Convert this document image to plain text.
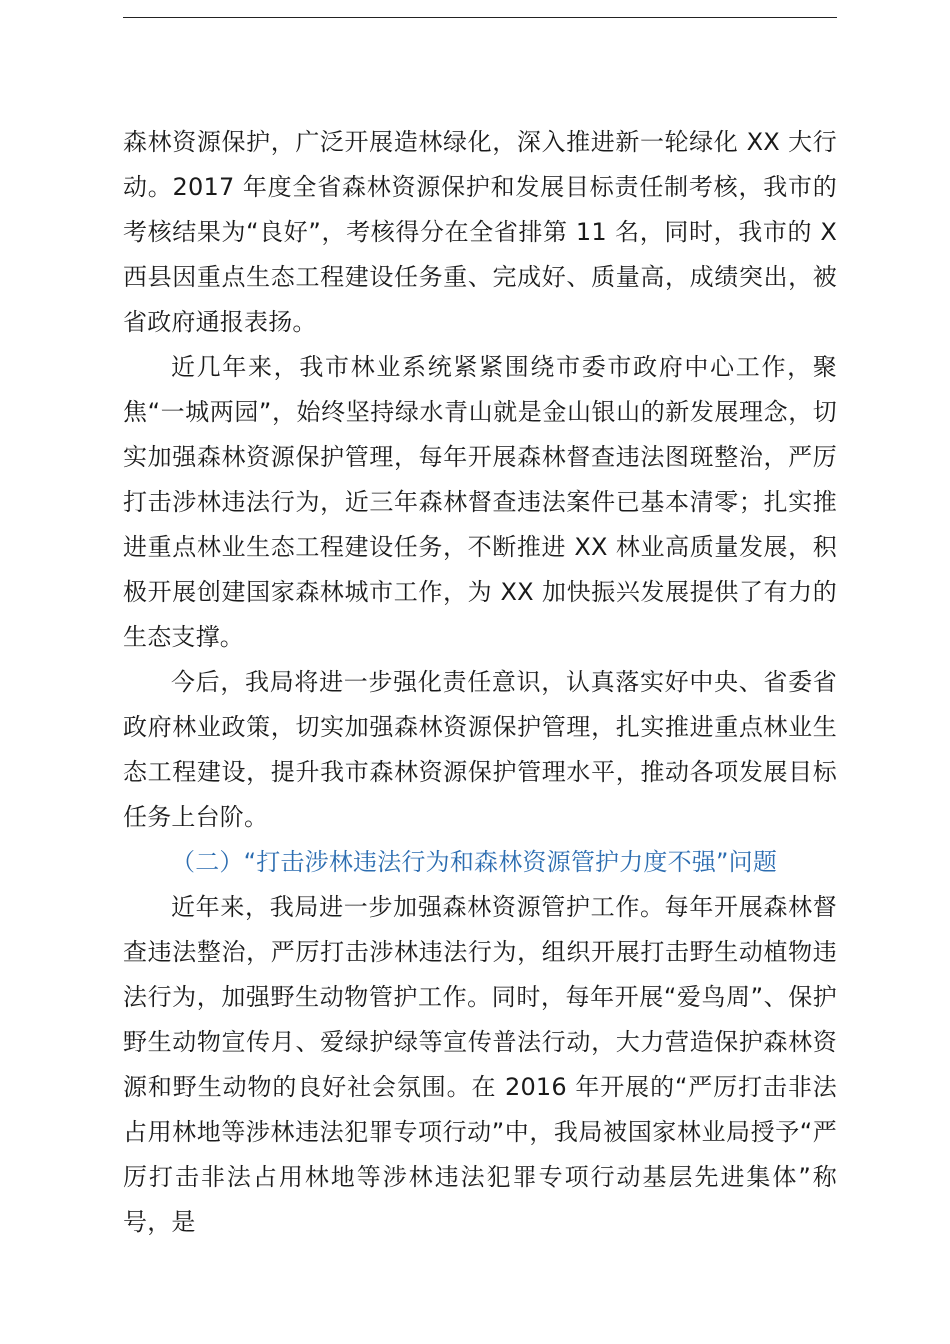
森林资源保护，广泛开展造林绿化，深入推进新一轮绿化 XX 大行动。2017 年度全省森林资源保护和发展目标责任制考核，我市的考核结果为“良好”，考核得分在全省排第 11 名，同时，我市的 X 西县因重点生态工程建设任务重、完成好、质量高，成绩突出，被省政府通报表扬。

近几年来，我市林业系统紧紧围绕市委市政府中心工作，聚焦“一城两园”，始终坚持绿水青山就是金山银山的新发展理念，切实加强森林资源保护管理，每年开展森林督查违法图斑整治，严厉打击涉林违法行为，近三年森林督查违法案件已基本清零；扎实推进重点林业生态工程建设任务，不断推进 XX 林业高质量发展，积极开展创建国家森林城市工作，为 XX 加快振兴发展提供了有力的生态支撑。

今后，我局将进一步强化责任意识，认真落实好中央、省委省政府林业政策，切实加强森林资源保护管理，扎实推进重点林业生态工程建设，提升我市森林资源保护管理水平，推动各项发展目标任务上台阶。

（二）“打击涉林违法行为和森林资源管护力度不强”问题

近年来，我局进一步加强森林资源管护工作。每年开展森林督查违法整治，严厉打击涉林违法行为，组织开展打击野生动植物违法行为，加强野生动物管护工作。同时，每年开展“爱鸟周”、保护野生动物宣传月、爱绿护绿等宣传普法行动，大力营造保护森林资源和野生动物的良好社会氛围。在 2016 年开展的“严厉打击非法占用林地等涉林违法犯罪专项行动”中，我局被国家林业局授予“严厉打击非法占用林地等涉林违法犯罪专项行动基层先进集体”称号，是
